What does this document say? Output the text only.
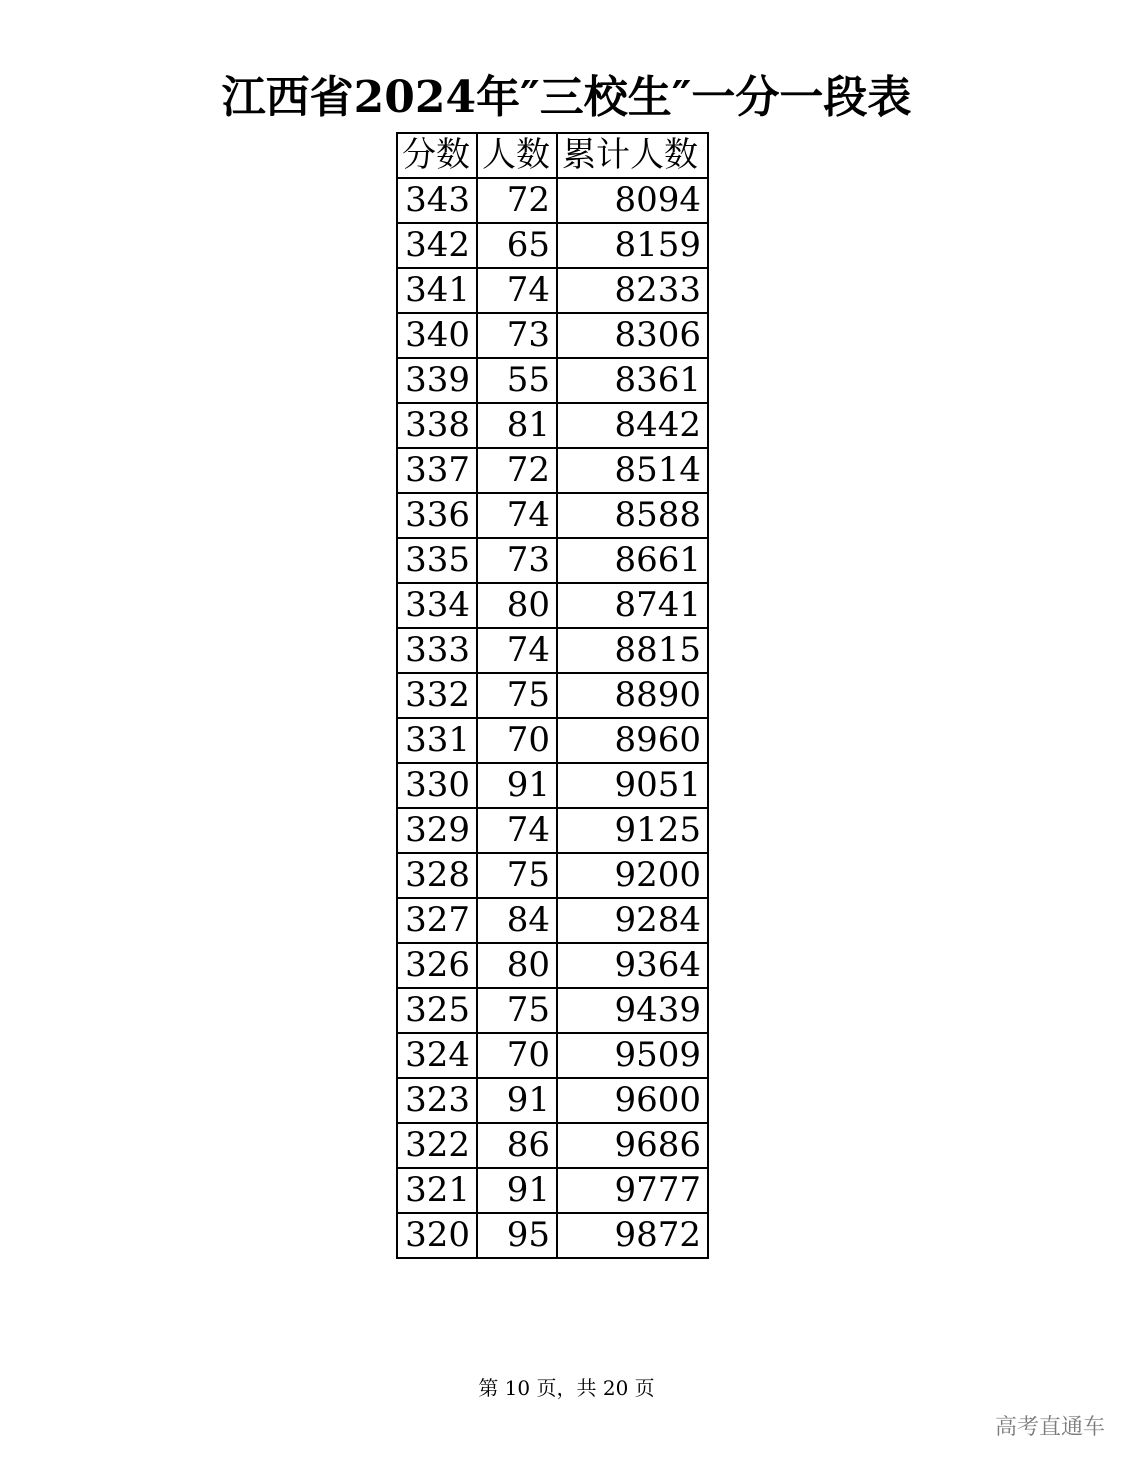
江西省2024年″三校生″一分一段表
分数	人数	累计人数
343	72	8094
342	65	8159
341	74	8233
340	73	8306
339	55	8361
338	81	8442
337	72	8514
336	74	8588
335	73	8661
334	80	8741
333	74	8815
332	75	8890
331	70	8960
330	91	9051
329	74	9125
328	75	9200
327	84	9284
326	80	9364
325	75	9439
324	70	9509
323	91	9600
322	86	9686
321	91	9777
320	95	9872
第 10 页，共 20 页
高考直通车
